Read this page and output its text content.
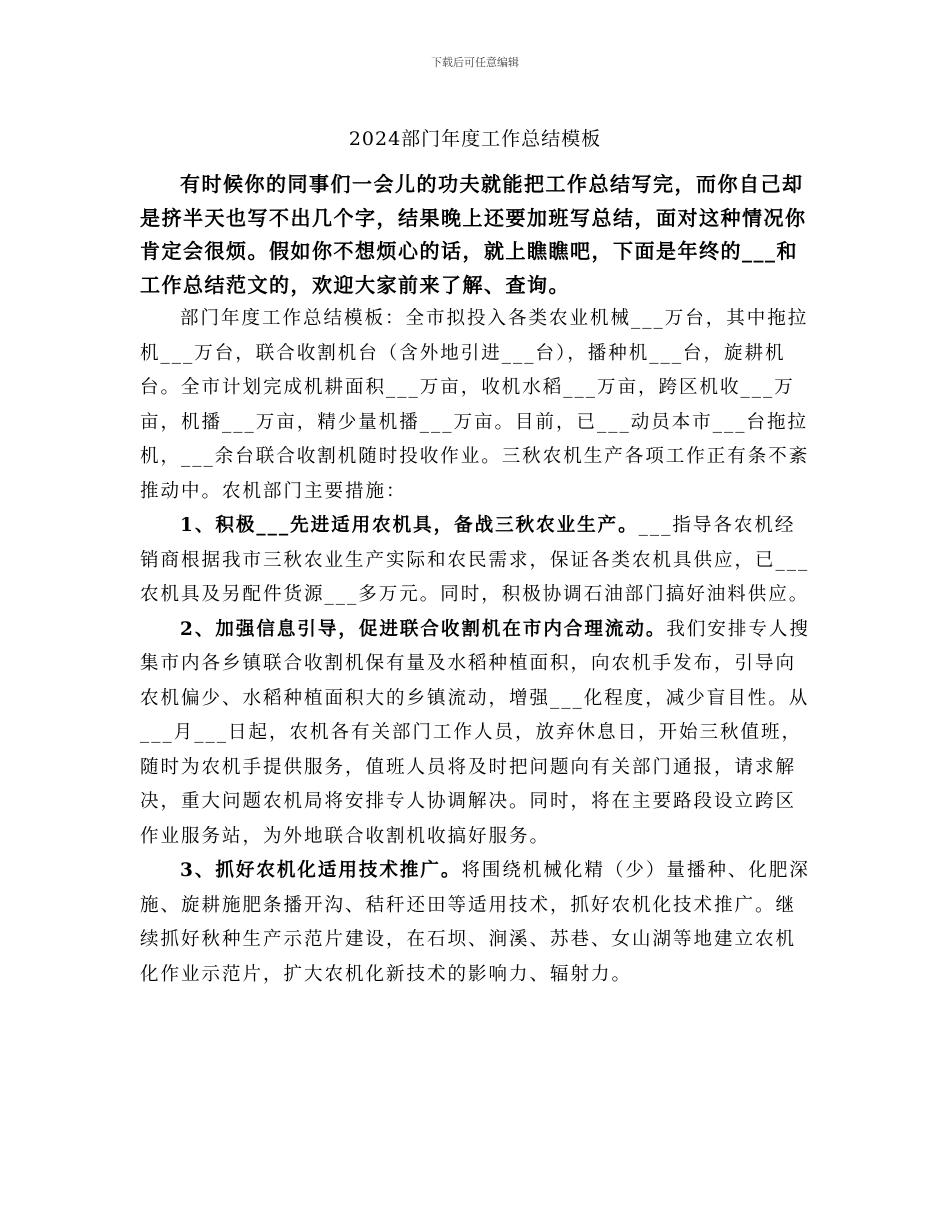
下载后可任意编辑
2024部门年度工作总结模板

有时候你的同事们一会儿的功夫就能把工作总结写完，而你自己却是挤半天也写不出几个字，结果晚上还要加班写总结，面对这种情况你肯定会很烦。假如你不想烦心的话，就上瞧瞧吧，下面是年终的___和工作总结范文的，欢迎大家前来了解、查询。

部门年度工作总结模板：全市拟投入各类农业机械___万台，其中拖拉机___万台，联合收割机台（含外地引进___台），播种机___台，旋耕机台。全市计划完成机耕面积___万亩，收机水稻___万亩，跨区机收___万亩，机播___万亩，精少量机播___万亩。目前，已___动员本市___台拖拉机，___余台联合收割机随时投收作业。三秋农机生产各项工作正有条不紊推动中。农机部门主要措施：

1、积极___先进适用农机具，备战三秋农业生产。___指导各农机经销商根据我市三秋农业生产实际和农民需求，保证各类农机具供应，已___农机具及另配件货源___多万元。同时，积极协调石油部门搞好油料供应。

2、加强信息引导，促进联合收割机在市内合理流动。我们安排专人搜集市内各乡镇联合收割机保有量及水稻种植面积，向农机手发布，引导向农机偏少、水稻种植面积大的乡镇流动，增强___化程度，减少盲目性。从___月___日起，农机各有关部门工作人员，放弃休息日，开始三秋值班，随时为农机手提供服务，值班人员将及时把问题向有关部门通报，请求解决，重大问题农机局将安排专人协调解决。同时，将在主要路段设立跨区作业服务站，为外地联合收割机收搞好服务。

3、抓好农机化适用技术推广。将围绕机械化精（少）量播种、化肥深施、旋耕施肥条播开沟、秸秆还田等适用技术，抓好农机化技术推广。继续抓好秋种生产示范片建设，在石坝、涧溪、苏巷、女山湖等地建立农机化作业示范片，扩大农机化新技术的影响力、辐射力。
